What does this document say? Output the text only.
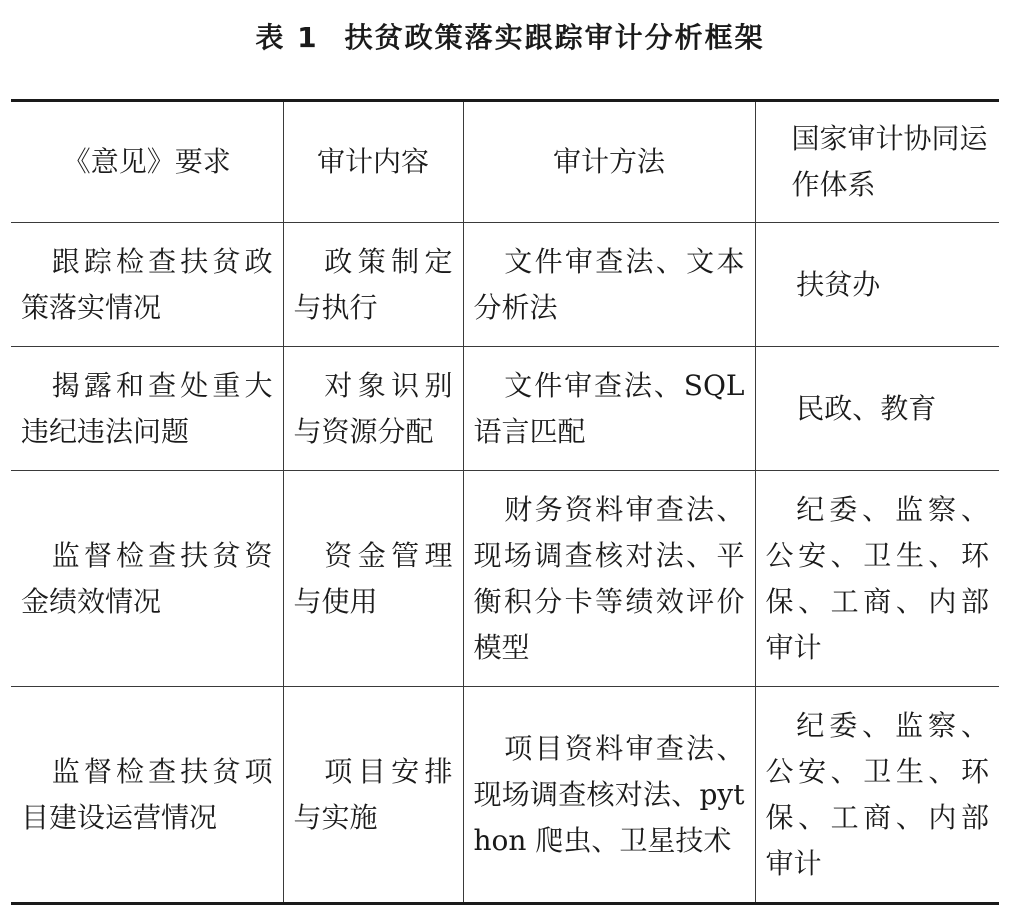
表 1 扶贫政策落实跟踪审计分析框架
《意见》要求	审计内容	审计方法	国家审计协同运作体系

跟踪检查扶贫政策落实情况	政策制定与执行	文件审查法、文本分析法	扶贫办

揭露和查处重大违纪违法问题	对象识别与资源分配	文件审查法、SQL语言匹配	民政、教育

监督检查扶贫资金绩效情况	资金管理与使用	财务资料审查法、现场调查核对法、平衡积分卡等绩效评价模型	纪委、监察、公安、卫生、环保、工商、内部审计

监督检查扶贫项目建设运营情况	项目安排与实施	项目资料审查法、现场调查核对法、python 爬虫、卫星技术	纪委、监察、公安、卫生、环保、工商、内部审计
